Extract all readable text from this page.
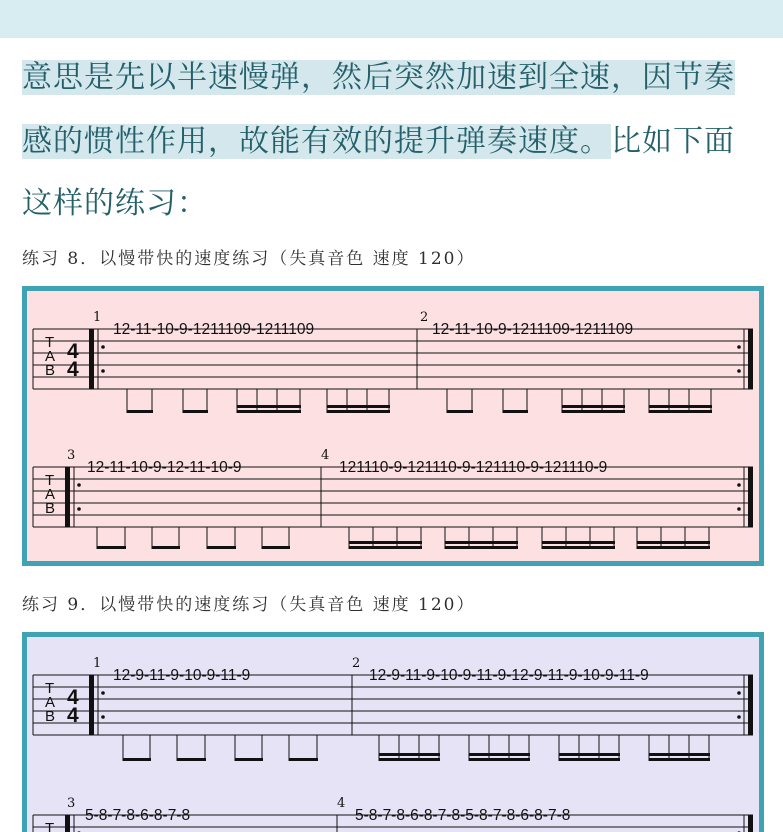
意思是先以半速慢弹，然后突然加速到全速，因节奏
感的惯性作用，故能有效的提升弹奏速度。比如下面
这样的练习：
练习 8．以慢带快的速度练习（失真音色 速度 120）
T
A
B
4
4
1
12-11-10-9-1211109-1211109
2
12-11-10-9-1211109-1211109
T
A
B
3
12-11-10-9-12-11-10-9
4
121110-9-121110-9-121110-9-121110-9
练习 9．以慢带快的速度练习（失真音色 速度 120）
T
A
B
4
4
1
12-9-11-9-10-9-11-9
2
12-9-11-9-10-9-11-9-12-9-11-9-10-9-11-9
T
3
5-8-7-8-6-8-7-8
4
5-8-7-8-6-8-7-8-5-8-7-8-6-8-7-8
